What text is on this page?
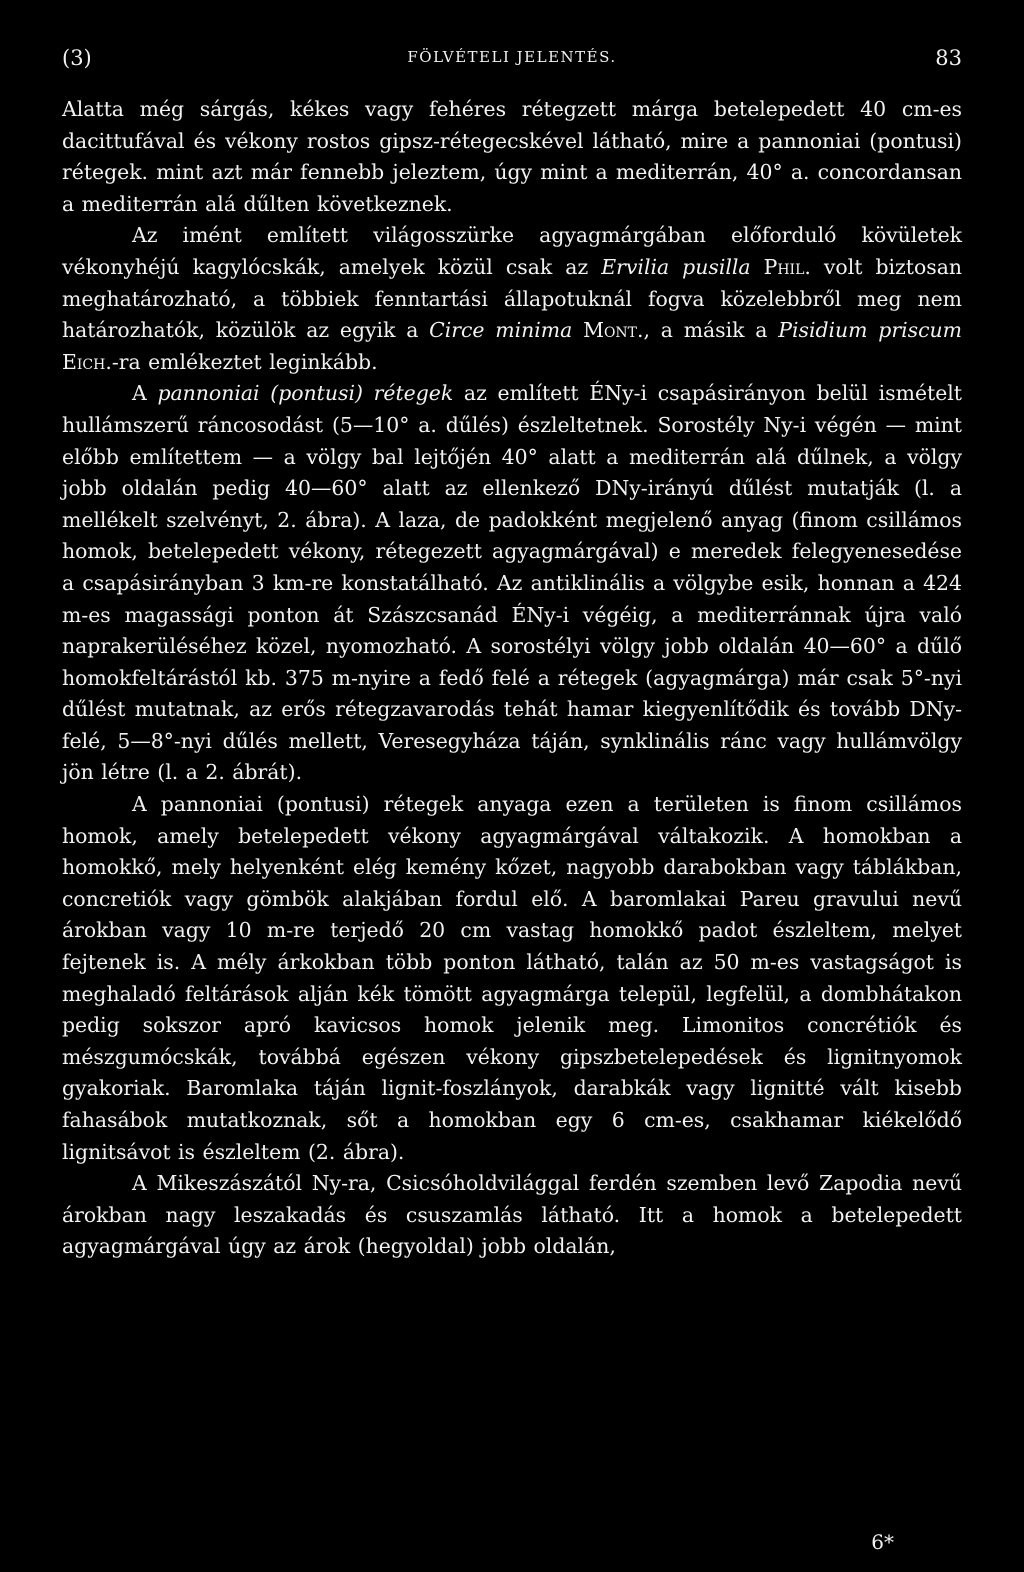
(3)	FÖLVÉTELI JELENTÉS.	83

Alatta még sárgás, kékes vagy fehéres rétegzett márga betelepedett 40 cm-es dacittufával és vékony rostos gipsz-rétegecskével látható, mire a pannoniai (pontusi) rétegek. mint azt már fennebb jeleztem, úgy mint a mediterrán, 40° a. concordansan a mediterrán alá dűlten következnek.

Az imént említett világosszürke agyagmárgában előforduló kövületek vékonyhéjú kagylócskák, amelyek közül csak az Ervilia pusilla Phil. volt biztosan meghatározható, a többiek fenntartási állapotuknál fogva közelebbről meg nem határozhatók, közülök az egyik a Circe minima Mont., a másik a Pisidium priscum Eich.-ra emlékeztet leginkább.

A pannoniai (pontusi) rétegek az említett ÉNy-i csapásirányon belül ismételt hullámszerű ráncosodást (5—10° a. dűlés) észleltetnek. Sorostély Ny-i végén — mint előbb említettem — a völgy bal lejtőjén 40° alatt a mediterrán alá dűlnek, a völgy jobb oldalán pedig 40—60° alatt az ellenkező DNy-irányú dűlést mutatják (l. a mellékelt szelvényt, 2. ábra). A laza, de padokként megjelenő anyag (finom csillámos homok, betelepedett vékony, rétegezett agyagmárgával) e meredek felegyenesedése a csapásirányban 3 km-re konstatálható. Az antiklinális a völgybe esik, honnan a 424 m-es magassági ponton át Szászcsanád ÉNy-i végéig, a mediterránnak újra való naprakerüléséhez közel, nyomozható. A sorostélyi völgy jobb oldalán 40—60° a dűlő homokfeltárástól kb. 375 m-nyire a fedő felé a rétegek (agyagmárga) már csak 5°-nyi dűlést mutatnak, az erős rétegzavarodás tehát hamar kiegyenlítődik és tovább DNy-felé, 5—8°-nyi dűlés mellett, Veresegyháza táján, synklinális ránc vagy hullámvölgy jön létre (l. a 2. ábrát).

A pannoniai (pontusi) rétegek anyaga ezen a területen is finom csillámos homok, amely betelepedett vékony agyagmárgával váltakozik. A homokban a homokkő, mely helyenként elég kemény kőzet, nagyobb darabokban vagy táblákban, concretiók vagy gömbök alakjában fordul elő. A baromlakai Pareu gravului nevű árokban vagy 10 m-re terjedő 20 cm vastag homokkő padot észleltem, melyet fejtenek is. A mély árkokban több ponton látható, talán az 50 m-es vastagságot is meghaladó feltárások alján kék tömött agyagmárga települ, legfelül, a dombhátakon pedig sokszor apró kavicsos homok jelenik meg. Limonitos concrétiók és mészgumócskák, továbbá egészen vékony gipszbetelepedések és lignitnyomok gyakoriak. Baromlaka táján lignit-foszlányok, darabkák vagy lignitté vált kisebb fahasábok mutatkoznak, sőt a homokban egy 6 cm-es, csakhamar kiékelődő lignitsávot is észleltem (2. ábra).

A Mikeszászától Ny-ra, Csicsóholdvilággal ferdén szemben levő Zapodia nevű árokban nagy leszakadás és csuszamlás látható. Itt a homok a betelepedett agyagmárgával úgy az árok (hegyoldal) jobb oldalán,

6*
